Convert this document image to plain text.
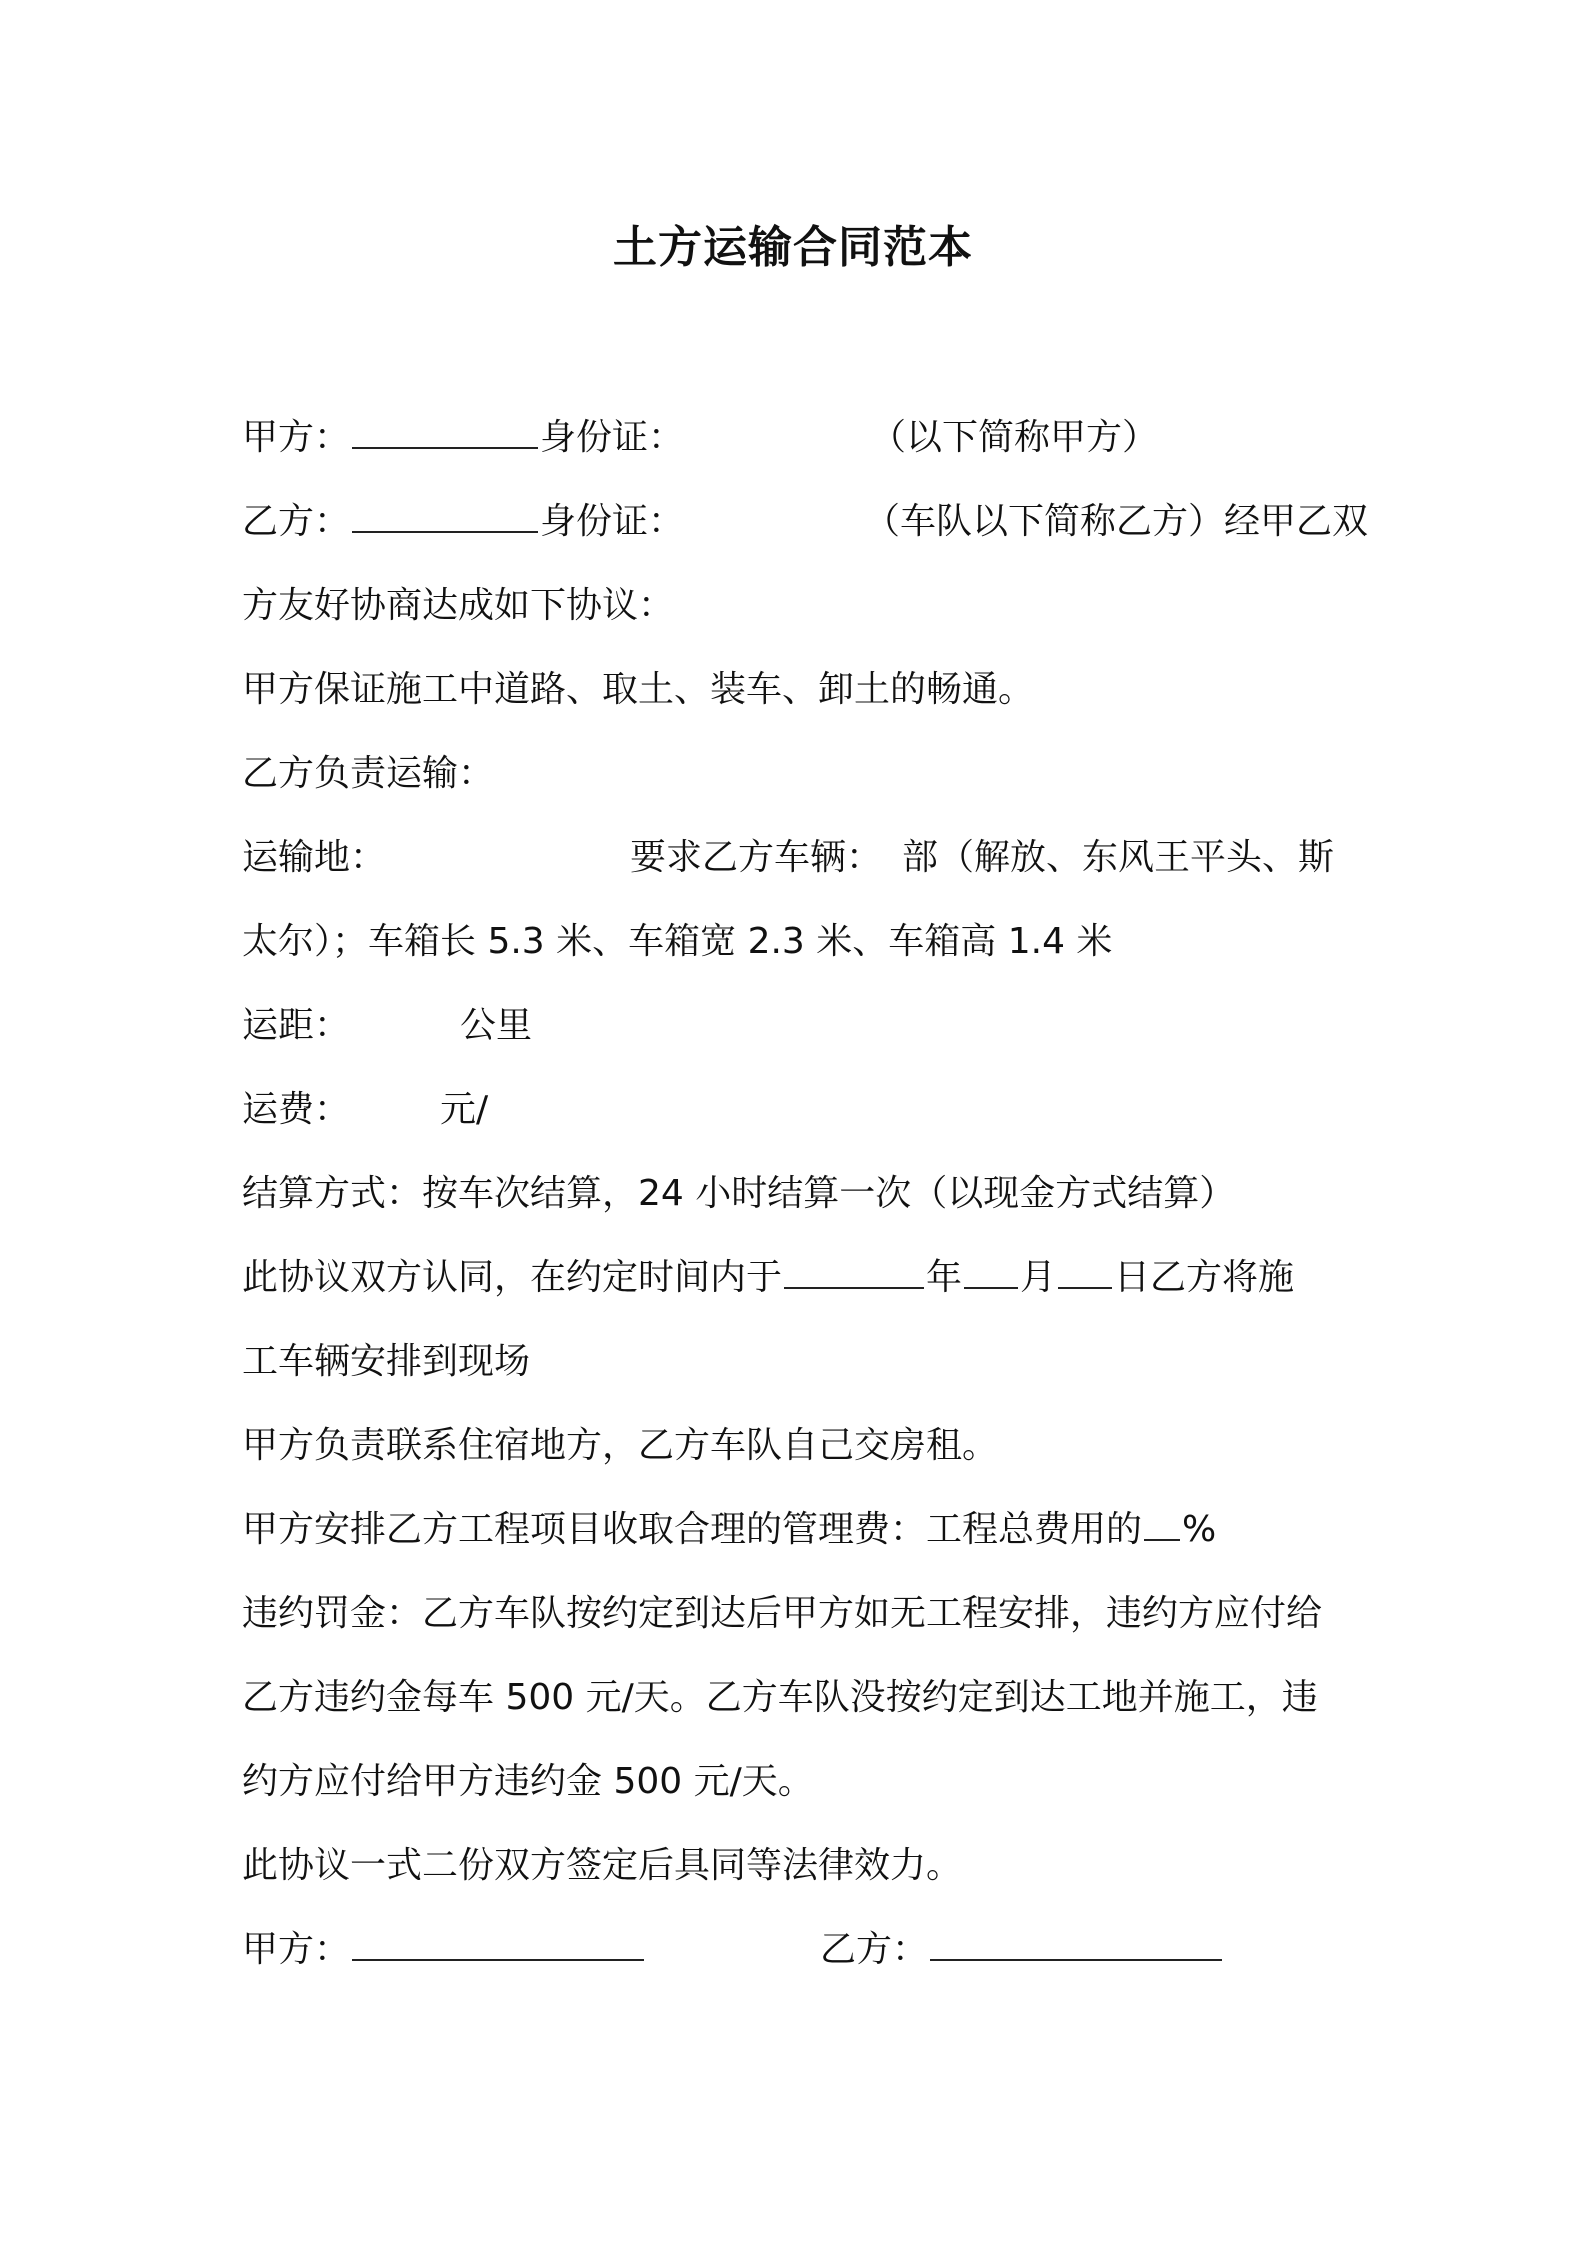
土方运输合同范本
甲方：	身份证：	（以下简称甲方）
乙方：	身份证：	（车队以下简称乙方）经甲乙双
方友好协商达成如下协议：
甲方保证施工中道路、取土、装车、卸土的畅通。
乙方负责运输：
运输地：	要求乙方车辆： 部（解放、东风王平头、斯
太尔）；车箱长 5.3 米、车箱宽 2.3 米、车箱高 1.4 米
运距：	公里
运费：	元/
结算方式：按车次结算，24 小时结算一次（以现金方式结算）
此协议双方认同，在约定时间内于	年 月 日乙方将施
工车辆安排到现场
甲方负责联系住宿地方，乙方车队自己交房租。
甲方安排乙方工程项目收取合理的管理费：工程总费用的 %
违约罚金：乙方车队按约定到达后甲方如无工程安排，违约方应付给
乙方违约金每车 500 元/天。乙方车队没按约定到达工地并施工，违
约方应付给甲方违约金 500 元/天。
此协议一式二份双方签定后具同等法律效力。
甲方：	乙方：
